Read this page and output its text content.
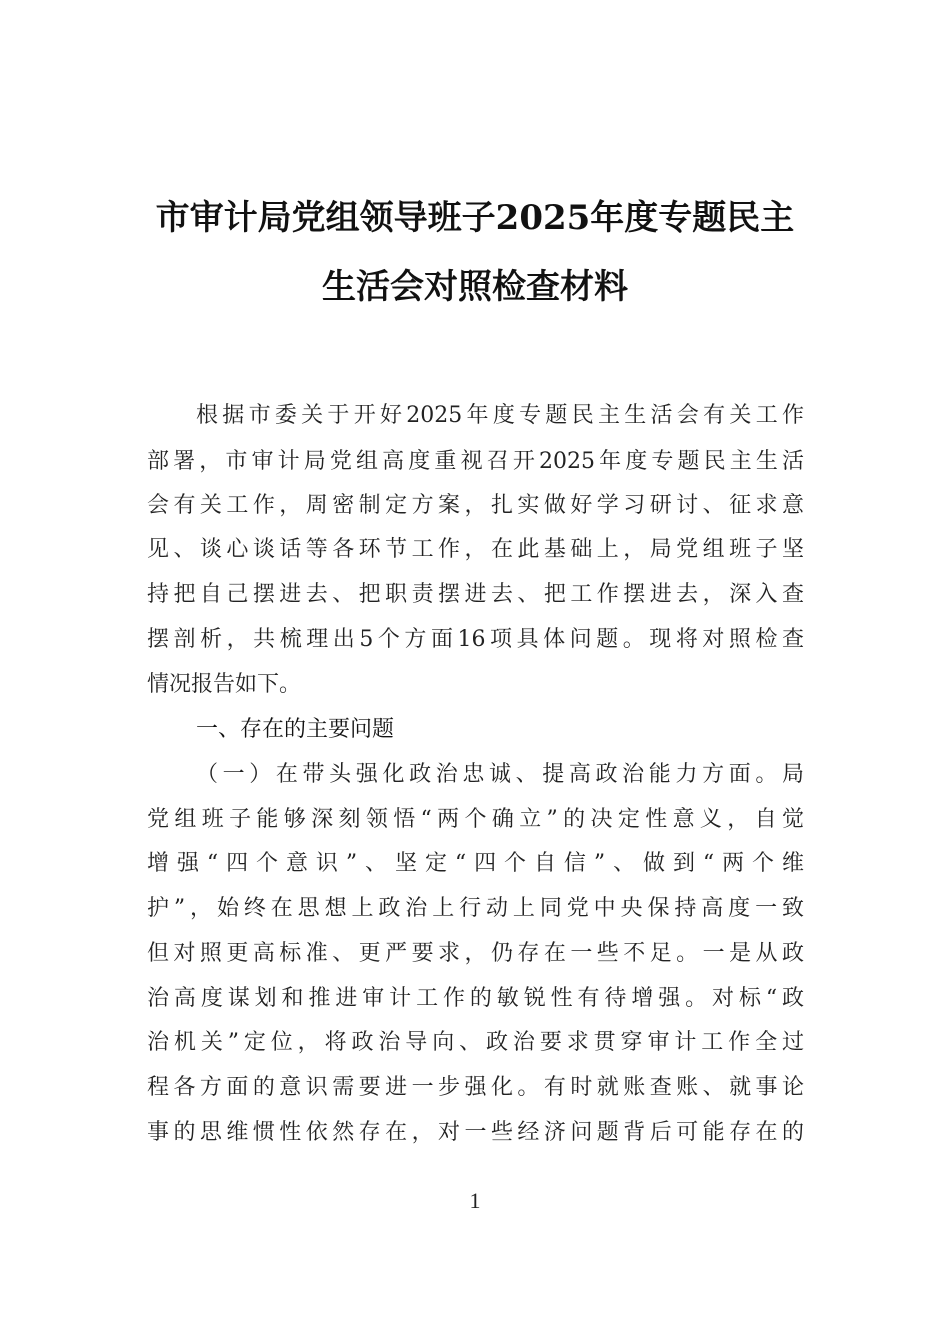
市审计局党组领导班子2025年度专题民主
生活会对照检查材料
根据市委关于开好2025年度专题民主生活会有关工作
部署，市审计局党组高度重视召开2025年度专题民主生活
会有关工作，周密制定方案，扎实做好学习研讨、征求意
见、谈心谈话等各环节工作，在此基础上，局党组班子坚
持把自己摆进去、把职责摆进去、把工作摆进去，深入查
摆剖析，共梳理出5个方面16项具体问题。现将对照检查
情况报告如下。
一、存在的主要问题
（一）在带头强化政治忠诚、提高政治能力方面。局
党组班子能够深刻领悟“两个确立”的决定性意义，自觉
增强“四个意识”、坚定“四个自信”、做到“两个维
护”，始终在思想上政治上行动上同党中央保持高度一致
但对照更高标准、更严要求，仍存在一些不足。一是从政
治高度谋划和推进审计工作的敏锐性有待增强。对标“政
治机关”定位，将政治导向、政治要求贯穿审计工作全过
程各方面的意识需要进一步强化。有时就账查账、就事论
事的思维惯性依然存在，对一些经济问题背后可能存在的
1
